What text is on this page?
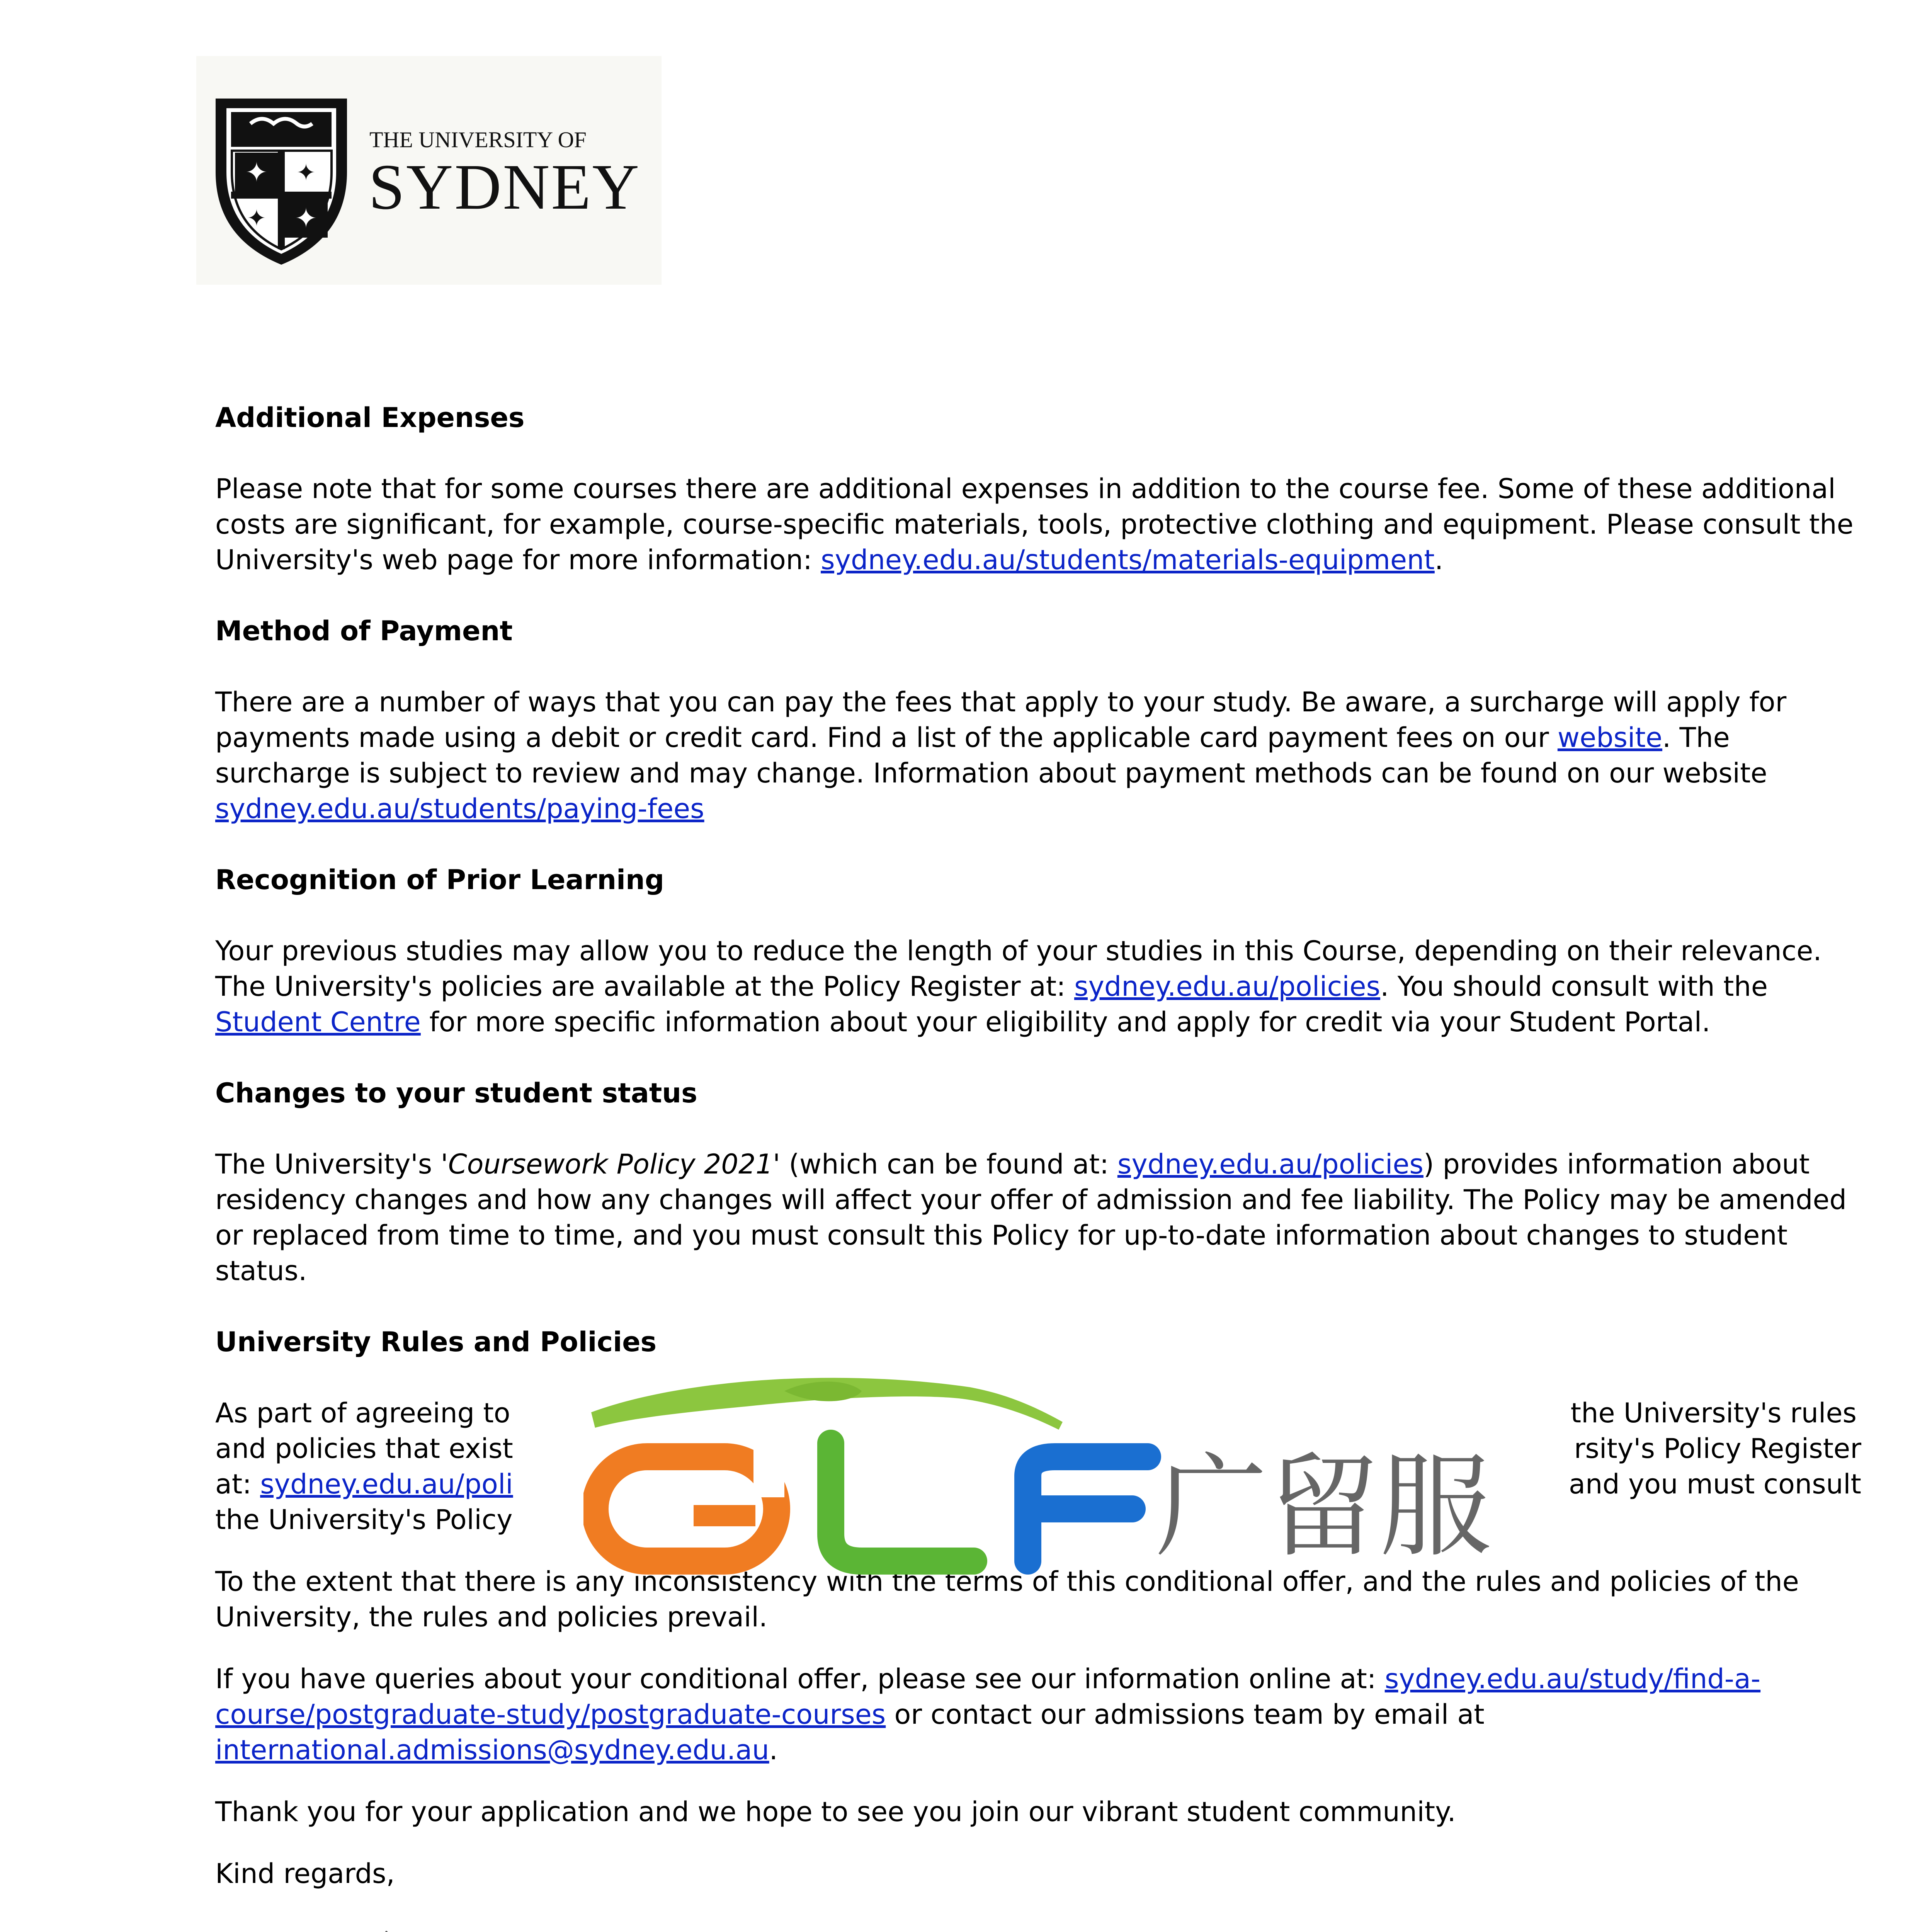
✦ ✦
✦ ✦
THE UNIVERSITY OF
SYDNEY
Additional Expenses

Please note that for some courses there are additional expenses in addition to the course fee. Some of these additional costs are significant, for example, course-specific materials, tools, protective clothing and equipment. Please consult the University's web page for more information: sydney.edu.au/students/materials-equipment.

Method of Payment

There are a number of ways that you can pay the fees that apply to your study. Be aware, a surcharge will apply for payments made using a debit or credit card. Find a list of the applicable card payment fees on our website. The surcharge is subject to review and may change. Information about payment methods can be found on our website sydney.edu.au/students/paying-fees

Recognition of Prior Learning

Your previous studies may allow you to reduce the length of your studies in this Course, depending on their relevance. The University's policies are available at the Policy Register at: sydney.edu.au/policies. You should consult with the Student Centre for more specific information about your eligibility and apply for credit via your Student Portal.

Changes to your student status

The University's 'Coursework Policy 2021' (which can be found at: sydney.edu.au/policies) provides information about residency changes and how any changes will affect your offer of admission and fee liability. The Policy may be amended or replaced from time to time, and you must consult this Policy for up-to-date information about changes to student status.

University Rules and Policies
As part of agreeing to	the University's rules
and policies that exist	rsity's Policy Register
at: sydney.edu.au/poli	and you must consult
the University's Policy

To the extent that there is any inconsistency with the terms of this conditional offer, and the rules and policies of the University, the rules and policies prevail.

If you have queries about your conditional offer, please see our information online at: sydney.edu.au/study/find-a-course/postgraduate-study/postgraduate-courses or contact our admissions team by email at international.admissions@sydney.edu.au.

Thank you for your application and we hope to see you join our vibrant student community.

Kind regards,

广留服
